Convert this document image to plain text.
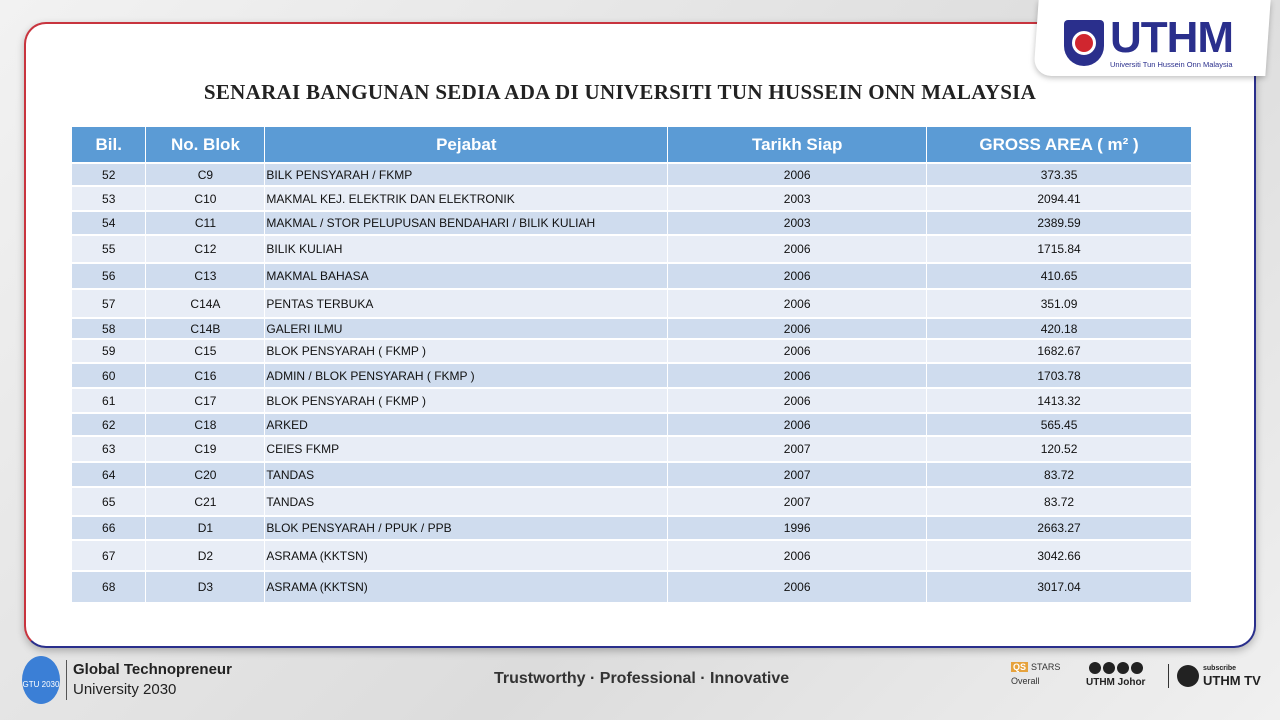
UTHM
Universiti Tun Hussein Onn Malaysia
SENARAI BANGUNAN SEDIA ADA DI UNIVERSITI TUN HUSSEIN ONN MALAYSIA
Bil.	No. Blok	Pejabat	Tarikh Siap	GROSS AREA ( m² )
52	C9	BILK PENSYARAH / FKMP	2006	373.35
53	C10	MAKMAL KEJ. ELEKTRIK DAN ELEKTRONIK	2003	2094.41
54	C11	MAKMAL / STOR PELUPUSAN BENDAHARI / BILIK KULIAH	2003	2389.59
55	C12	BILIK KULIAH	2006	1715.84
56	C13	MAKMAL BAHASA	2006	410.65
57	C14A	PENTAS TERBUKA	2006	351.09
58	C14B	GALERI ILMU	2006	420.18
59	C15	BLOK PENSYARAH ( FKMP )	2006	1682.67
60	C16	ADMIN / BLOK PENSYARAH ( FKMP )	2006	1703.78
61	C17	BLOK PENSYARAH ( FKMP )	2006	1413.32
62	C18	ARKED	2006	565.45
63	C19	CEIES FKMP	2007	120.52
64	C20	TANDAS	2007	83.72
65	C21	TANDAS	2007	83.72
66	D1	BLOK PENSYARAH / PPUK / PPB	1996	2663.27
67	D2	ASRAMA (KKTSN)	2006	3042.66
68	D3	ASRAMA (KKTSN)	2006	3017.04
GTU 2030
Global Technopreneur
University 2030
Trustworthy · Professional · Innovative
QS STARS
Overall	UTHM Johor
subscribe
UTHM TV
